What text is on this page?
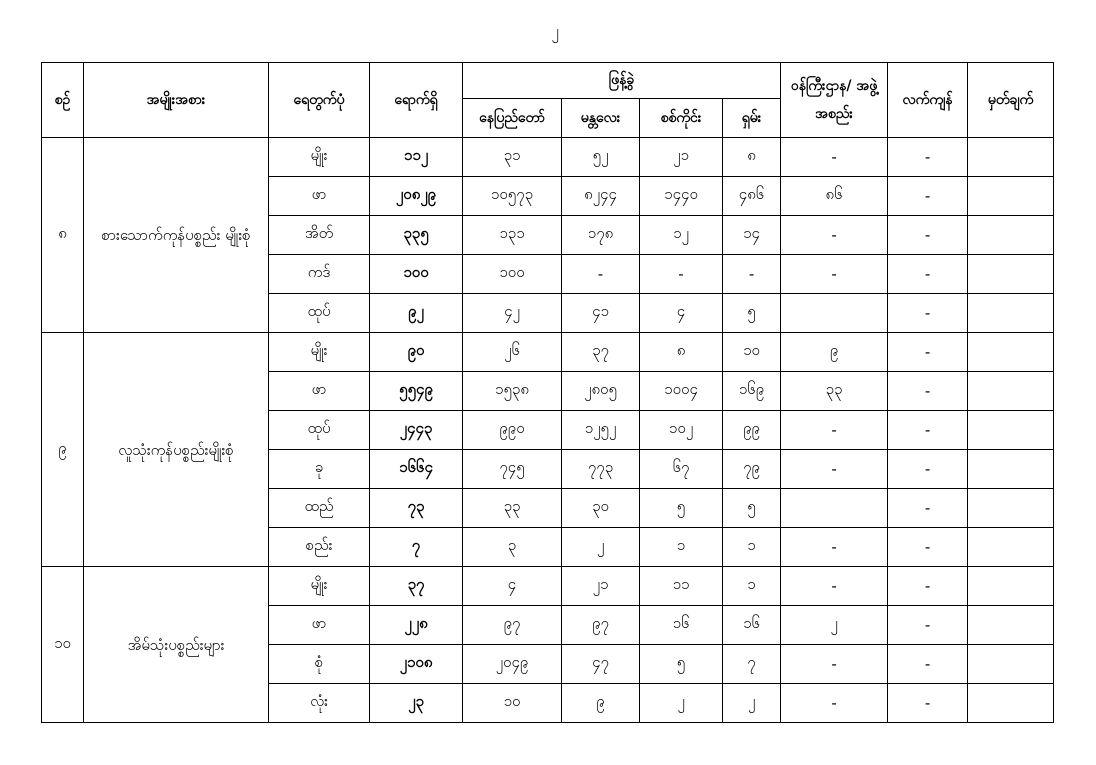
၂
စဉ်	အမျိုးအစား	ရေတွက်ပုံ	ရောက်ရှိ	ဖြန့်ခွဲ				ဝန်ကြီးဌာန/ အဖွဲ့အစည်း	လက်ကျန်	မှတ်ချက်
				နေပြည်တော်	မန္တလေး	စစ်ကိုင်း	ရှမ်း			
၈	စားသောက်ကုန်ပစ္စည်း မျိုးစုံ	မျိုး	၁၁၂	၃၁	၅၂	၂၁	၈	-	-	
		ဖာ	၂၀၈၂၉	၁၀၅၇၃	၈၂၄၄	၁၄၄၀	၄၈၆	၈၆	-	
		အိတ်	၃၃၅	၁၃၁	၁၇၈	၁၂	၁၄	-	-	
		ကဒ်	၁၀၀	၁၀၀	-	-	-	-	-	
		ထုပ်	၉၂	၄၂	၄၁	၄	၅		-	
၉	လူသုံးကုန်ပစ္စည်းမျိုးစုံ	မျိုး	၉၀	၂၆	၃၇	၈	၁၀	၉	-	
		ဖာ	၅၅၄၉	၁၅၃၈	၂၈၀၅	၁၀၀၄	၁၆၉	၃၃	-	
		ထုပ်	၂၄၄၃	၉၉၀	၁၂၅၂	၁၀၂	၉၉	-	-	
		ခု	၁၆၆၄	၇၄၅	၇၇၃	၆၇	၇၉	-	-	
		ထည်	၇၃	၃၃	၃၀	၅	၅		-	
		စည်း	၇	၃	၂	၁	၁	-	-	
၁၀	အိမ်သုံးပစ္စည်းများ	မျိုး	၃၇	၄	၂၁	၁၁	၁	-	-	
		ဖာ	၂၂၈	၉၇	၉၇	၁၆	၁၆	၂	-	
		စုံ	၂၁၀၈	၂၀၄၉	၄၇	၅	၇	-	-	
		လုံး	၂၃	၁၀	၉	၂	၂	-	-	
